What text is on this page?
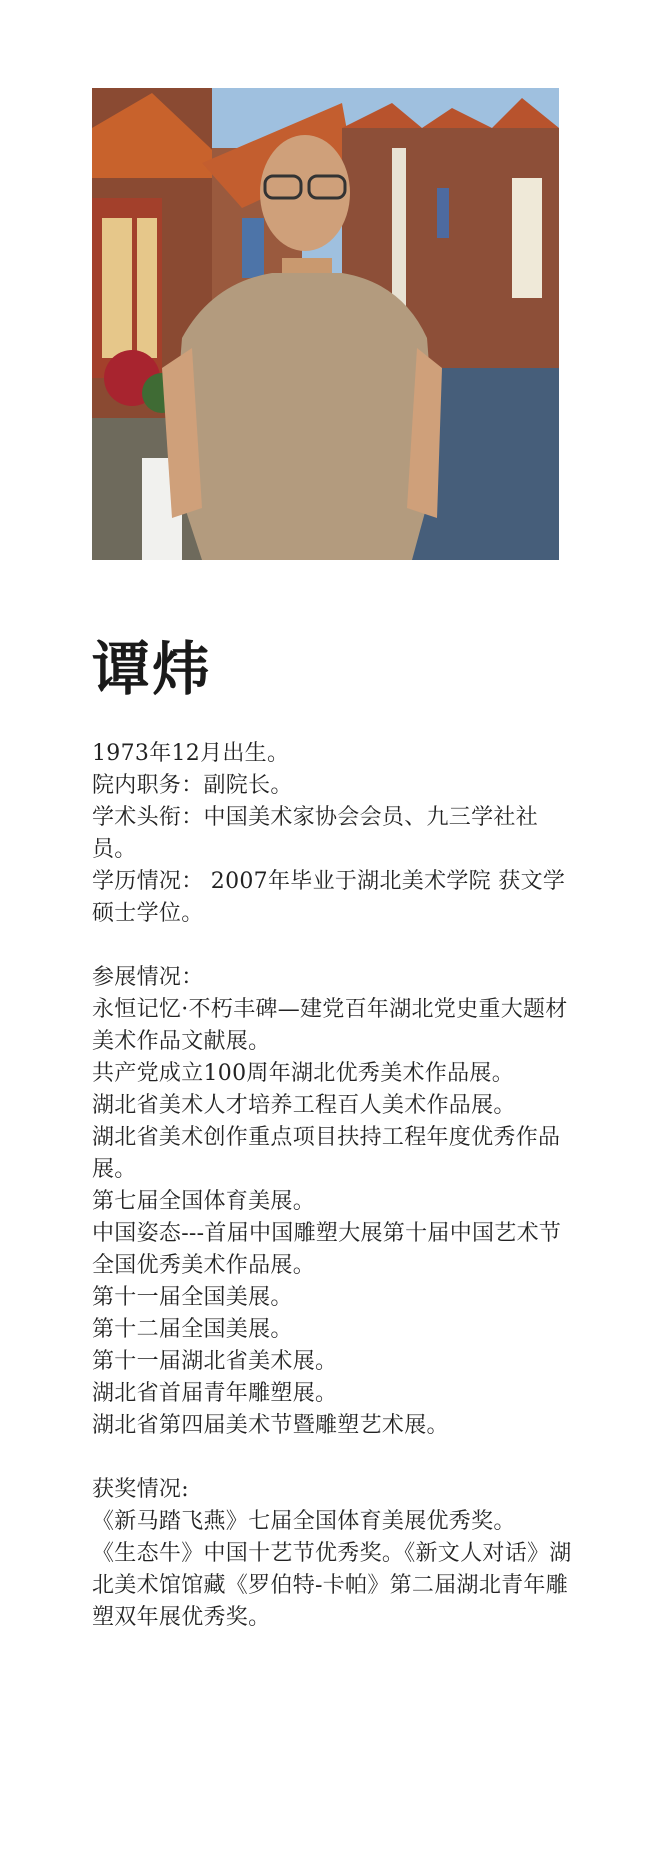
谭炜

1973年12月出生。

院内职务：副院长。

学术头衔：中国美术家协会会员、九三学社社员。

学历情况： 2007年毕业于湖北美术学院 获文学硕士学位。

参展情况：

永恒记忆·不朽丰碑—建党百年湖北党史重大题材美术作品文献展。

共产党成立100周年湖北优秀美术作品展。

湖北省美术人才培养工程百人美术作品展。

湖北省美术创作重点项目扶持工程年度优秀作品展。

第七届全国体育美展。

中国姿态---首届中国雕塑大展第十届中国艺术节全国优秀美术作品展。

第十一届全国美展。

第十二届全国美展。

第十一届湖北省美术展。

湖北省首届青年雕塑展。

湖北省第四届美术节暨雕塑艺术展。

获奖情况:

《新马踏飞燕》七届全国体育美展优秀奖。

《生态牛》中国十艺节优秀奖。《新文人对话》湖北美术馆馆藏《罗伯特-卡帕》第二届湖北青年雕塑双年展优秀奖。
